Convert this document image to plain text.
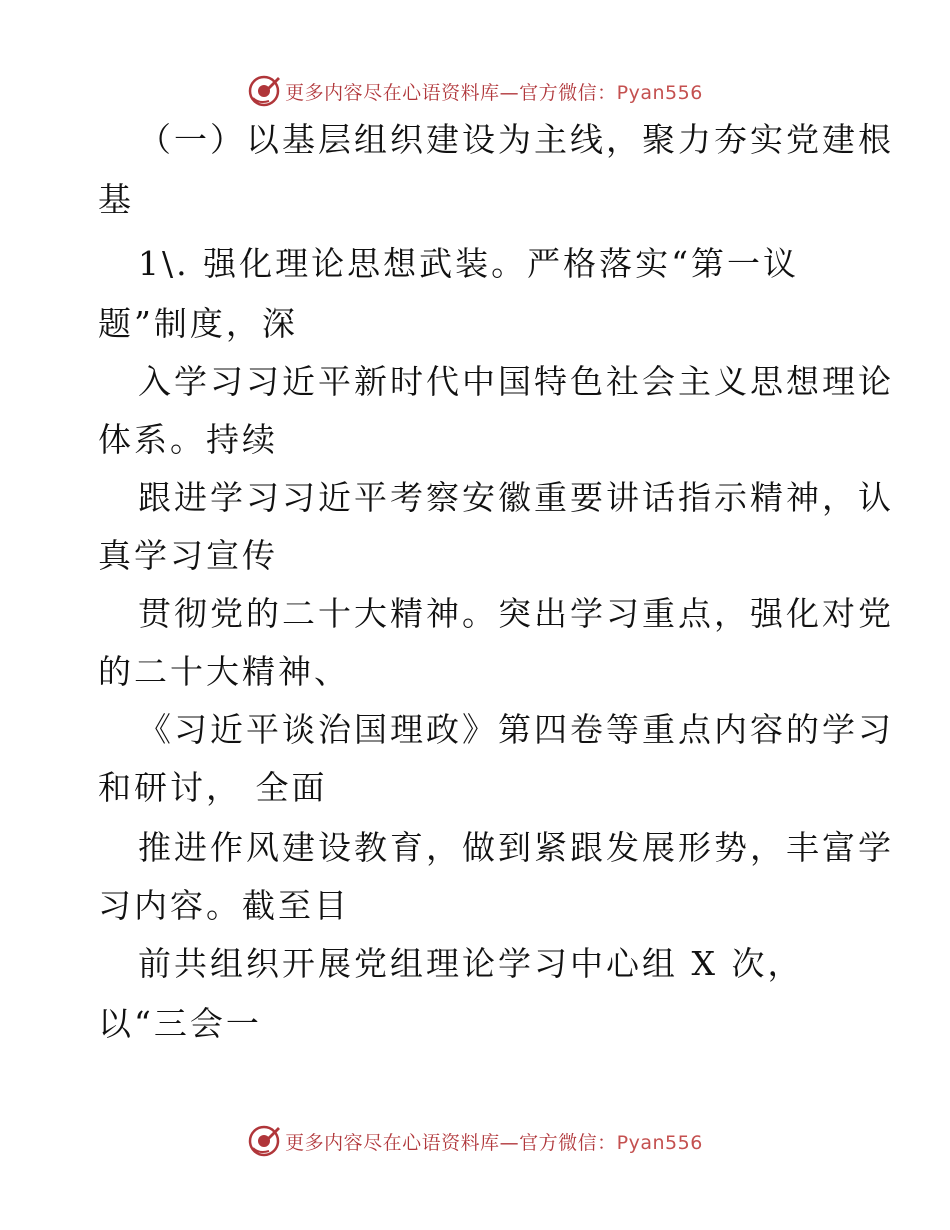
更多内容尽在心语资料库—官方微信：Pyan556
（一）以基层组织建设为主线，聚力夯实党建根
基
1\. 强化理论思想武装。严格落实“第一议
题”制度，深
入学习习近平新时代中国特色社会主义思想理论
体系。持续
跟进学习习近平考察安徽重要讲话指示精神，认
真学习宣传
贯彻党的二十大精神。突出学习重点，强化对党
的二十大精神、
《习近平谈治国理政》第四卷等重点内容的学习
和研讨， 全面
推进作风建设教育，做到紧跟发展形势，丰富学
习内容。截至目
前共组织开展党组理论学习中心组 X 次，
以“三会一
更多内容尽在心语资料库—官方微信：Pyan556
